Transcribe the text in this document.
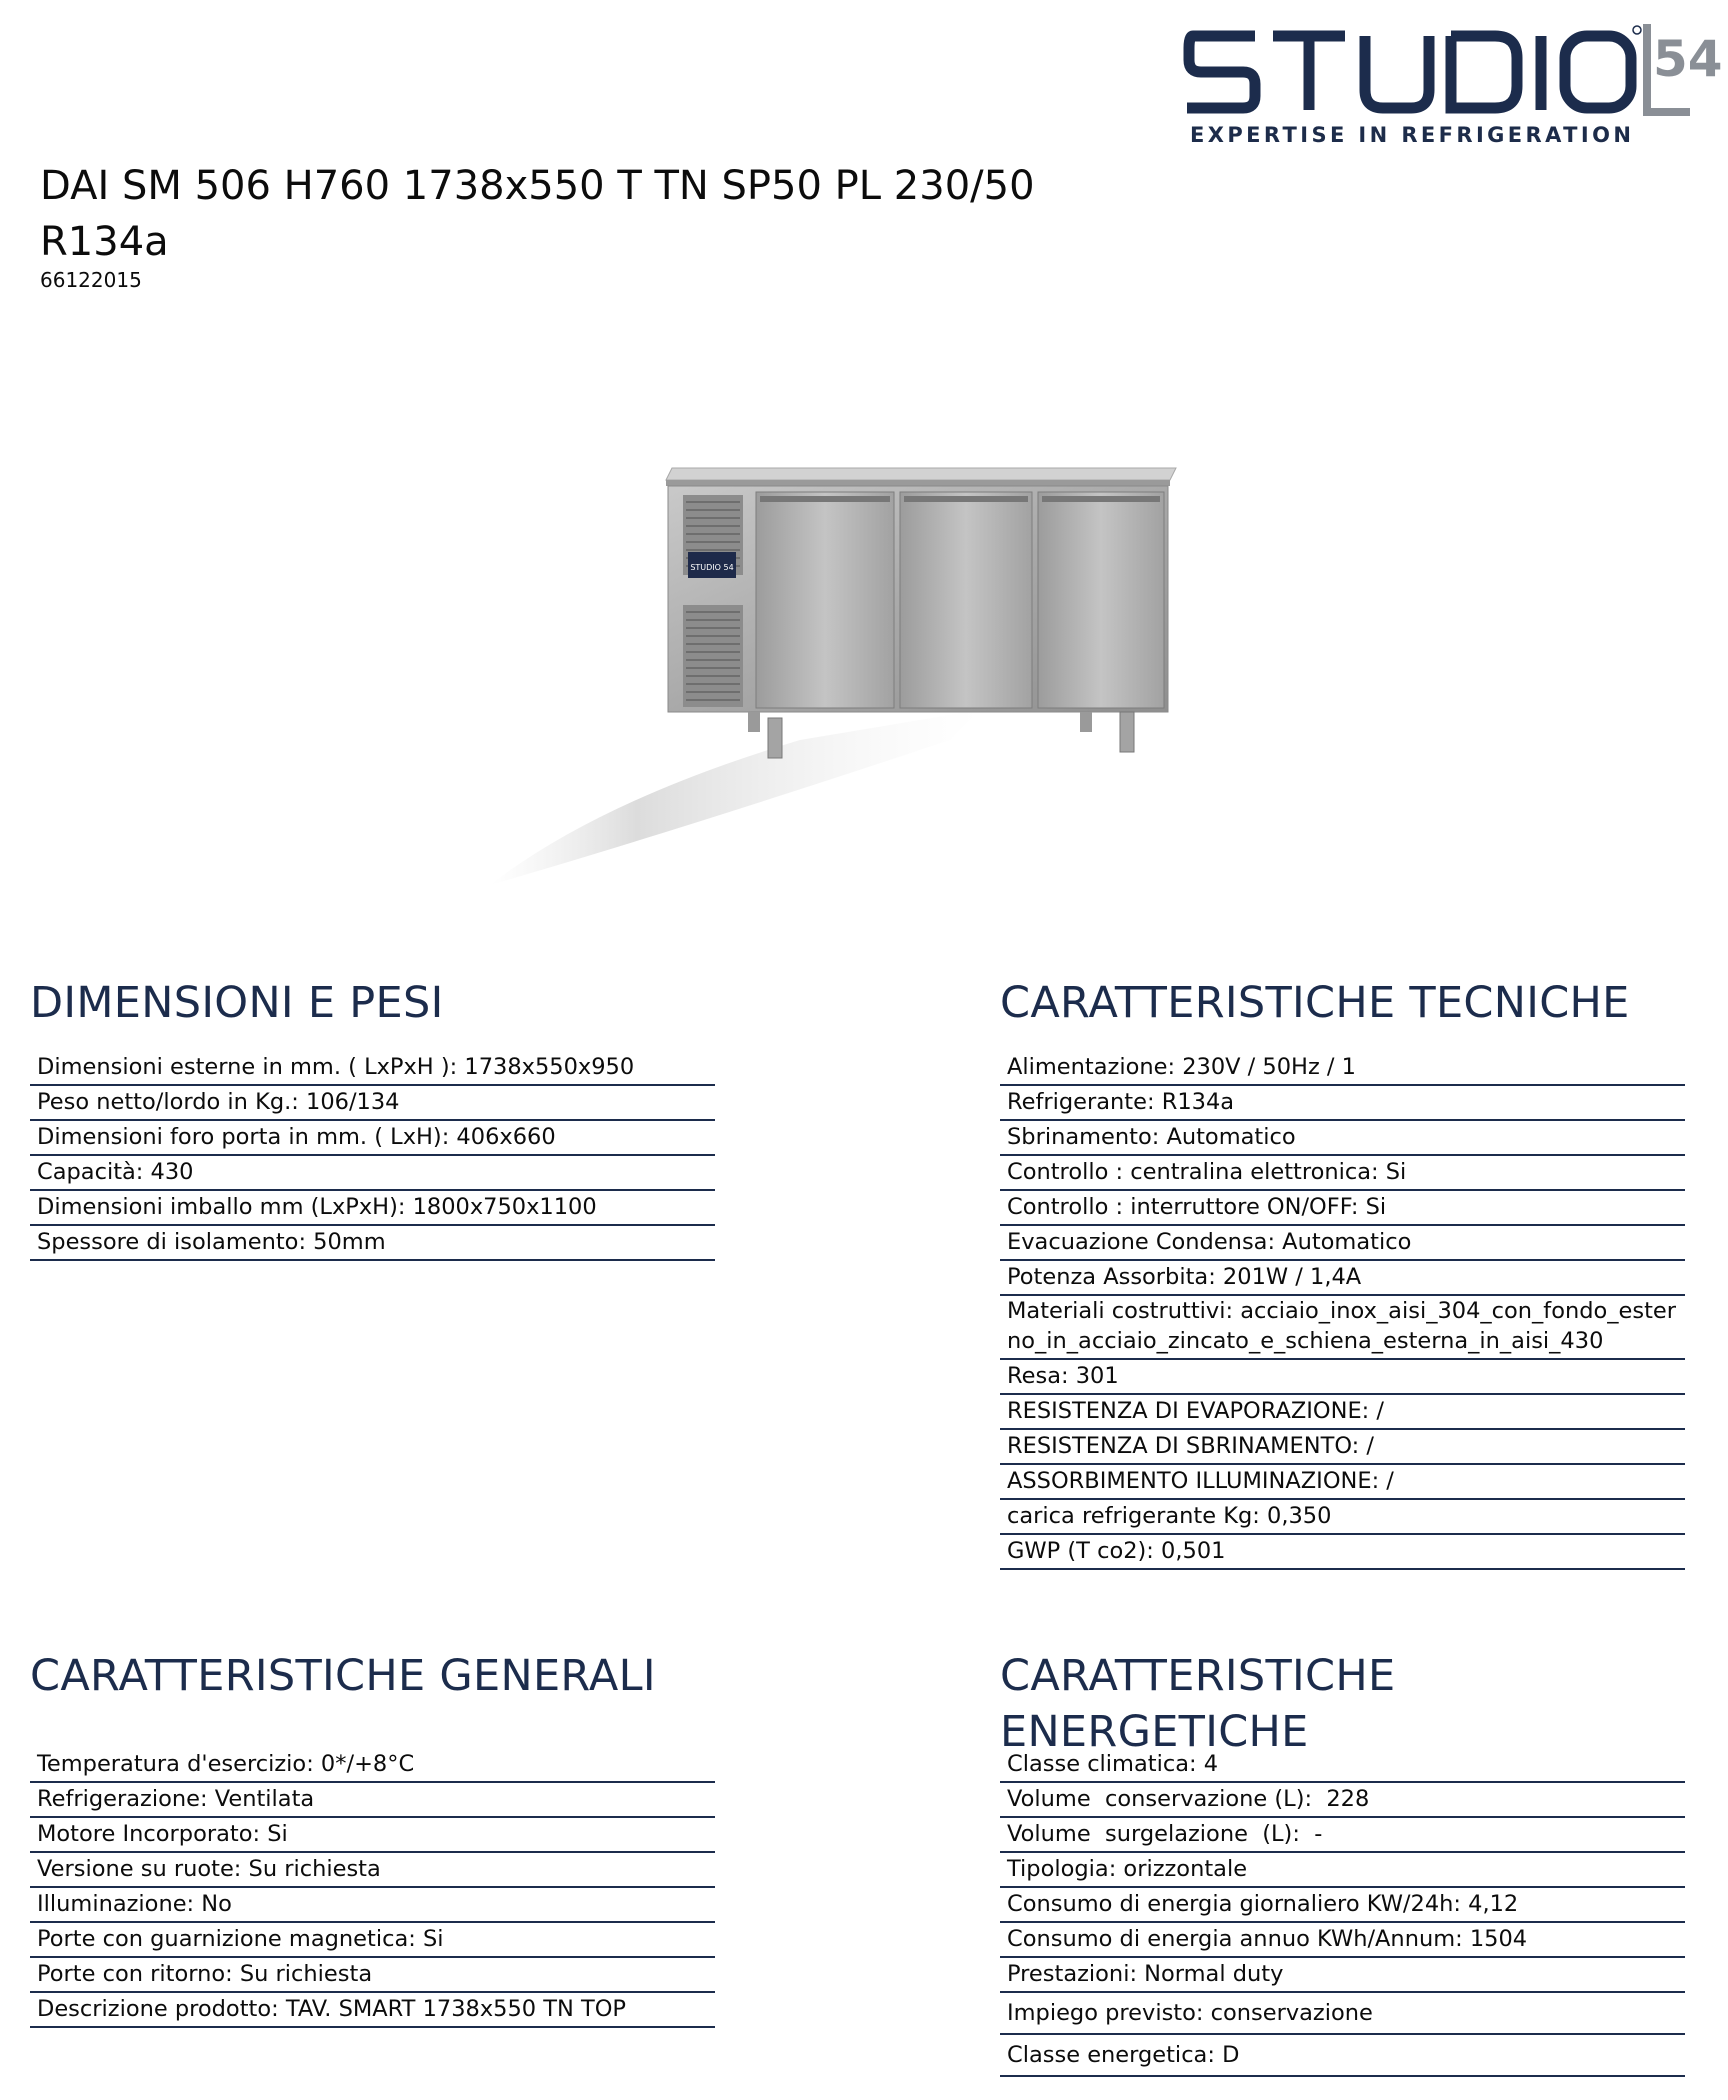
54
EXPERTISE IN REFRIGERATION
DAI SM 506 H760 1738x550 T TN SP50 PL 230/50 R134a
66122015
STUDIO 54
DIMENSIONI E PESI
Dimensioni esterne in mm. ( LxPxH ): 1738x550x950
Peso netto/lordo in Kg.: 106/134
Dimensioni foro porta in mm. ( LxH): 406x660
Capacità: 430
Dimensioni imballo mm (LxPxH): 1800x750x1100
Spessore di isolamento: 50mm
CARATTERISTICHE TECNICHE
Alimentazione: 230V / 50Hz / 1
Refrigerante: R134a
Sbrinamento: Automatico
Controllo : centralina elettronica: Si
Controllo : interruttore ON/OFF: Si
Evacuazione Condensa: Automatico
Potenza Assorbita: 201W / 1,4A
Materiali costruttivi: acciaio_inox_aisi_304_con_fondo_esterno_in_acciaio_zincato_e_schiena_esterna_in_aisi_430
Resa: 301
RESISTENZA DI EVAPORAZIONE: /
RESISTENZA DI SBRINAMENTO: /
ASSORBIMENTO ILLUMINAZIONE: /
carica refrigerante Kg: 0,350
GWP (T co2): 0,501
CARATTERISTICHE GENERALI
Temperatura d'esercizio: 0*/+8°C
Refrigerazione: Ventilata
Motore Incorporato: Si
Versione su ruote: Su richiesta
Illuminazione: No
Porte con guarnizione magnetica: Si
Porte con ritorno: Su richiesta
Descrizione prodotto: TAV. SMART 1738x550 TN TOP
CARATTERISTICHE ENERGETICHE
Classe climatica: 4
Volume  conservazione (L):  228
Volume  surgelazione  (L):  -
Tipologia: orizzontale
Consumo di energia giornaliero KW/24h: 4,12
Consumo di energia annuo KWh/Annum: 1504
Prestazioni: Normal duty
Impiego previsto: conservazione
Classe energetica: D
